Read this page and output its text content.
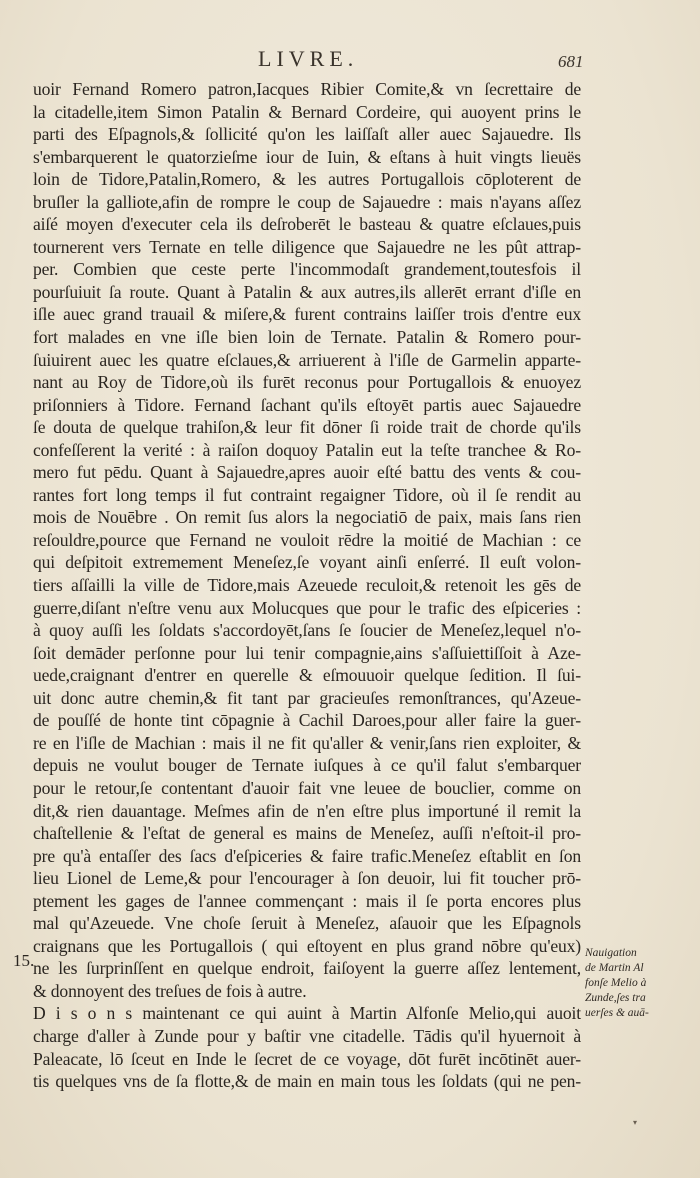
LIVRE.	681
uoir Fernand Romero patron,Iacques Ribier Comite,& vn ſecrettaire de
la citadelle,item Simon Patalin & Bernard Cordeire, qui auoyent prins le
parti des Eſpagnols,& ſollicité qu'on les laiſſaſt aller auec Sajauedre. Ils
s'embarquerent le quatorzieſme iour de Iuin, & eſtans à huit vingts lieuës
loin de Tidore,Patalin,Romero, & les autres Portugallois cōploterent de
bruſler la galliote,afin de rompre le coup de Sajauedre : mais n'ayans aſſez
aiſé moyen d'executer cela ils deſroberēt le basteau & quatre eſclaues,puis
tournerent vers Ternate en telle diligence que Sajauedre ne les pût attrap-
per. Combien que ceste perte l'incommodaſt grandement,toutesfois il
pourſuiuit ſa route. Quant à Patalin & aux autres,ils allerēt errant d'iſle en
iſle auec grand trauail & miſere,& furent contrains laiſſer trois d'entre eux
fort malades en vne iſle bien loin de Ternate. Patalin & Romero pour-
ſuiuirent auec les quatre eſclaues,& arriuerent à l'iſle de Garmelin apparte-
nant au Roy de Tidore,où ils furēt reconus pour Portugallois & enuoyez
priſonniers à Tidore. Fernand ſachant qu'ils eſtoyēt partis auec Sajauedre
ſe douta de quelque trahiſon,& leur fit dōner ſi roide trait de chorde qu'ils
confeſſerent la verité : à raiſon doquoy Patalin eut la teſte tranchee & Ro-
mero fut pēdu. Quant à Sajauedre,apres auoir eſté battu des vents & cou-
rantes fort long temps il fut contraint regaigner Tidore, où il ſe rendit au
mois de Nouēbre . On remit ſus alors la negociatiō de paix, mais ſans rien
reſouldre,pource que Fernand ne vouloit rēdre la moitié de Machian : ce
qui deſpitoit extremement Meneſez,ſe voyant ainſi enſerré. Il euſt volon-
tiers aſſailli la ville de Tidore,mais Azeuede reculoit,& retenoit les gēs de
guerre,diſant n'eſtre venu aux Molucques que pour le trafic des eſpiceries :
à quoy auſſi les ſoldats s'accordoyēt,ſans ſe ſoucier de Meneſez,lequel n'o-
ſoit demāder perſonne pour lui tenir compagnie,ains s'aſſuiettiſſoit à Aze-
uede,craignant d'entrer en querelle & eſmouuoir quelque ſedition. Il ſui-
uit donc autre chemin,& fit tant par gracieuſes remonſtrances, qu'Azeue-
de pouſſé de honte tint cōpagnie à Cachil Daroes,pour aller faire la guer-
re en l'iſle de Machian : mais il ne fit qu'aller & venir,ſans rien exploiter, &
depuis ne voulut bouger de Ternate iuſques à ce qu'il falut s'embarquer
pour le retour,ſe contentant d'auoir fait vne leuee de bouclier, comme on
dit,& rien dauantage. Meſmes afin de n'en eſtre plus importuné il remit la
chaſtellenie & l'eſtat de general es mains de Meneſez, auſſi n'eſtoit-il pro-
pre qu'à entaſſer des ſacs d'eſpiceries & faire trafic.Meneſez eſtablit en ſon
lieu Lionel de Leme,& pour l'encourager à ſon deuoir, lui fit toucher prō-
ptement les gages de l'annee commençant : mais il ſe porta encores plus
mal qu'Azeuede. Vne choſe ſeruit à Meneſez, aſauoir que les Eſpagnols
craignans que les Portugallois ( qui eſtoyent en plus grand nōbre qu'eux)
ne les ſurprinſſent en quelque endroit, faiſoyent la guerre aſſez lentement,
& donnoyent des treſues de fois à autre.
D i s o n s maintenant ce qui auint à Martin Alfonſe Melio,qui auoit
charge d'aller à Zunde pour y baſtir vne citadelle. Tādis qu'il hyuernoit à
Paleacate, lō ſceut en Inde le ſecret de ce voyage, dōt furēt incōtinēt auer-
tis quelques vns de ſa flotte,& de main en main tous les ſoldats (qui ne pen-
15.	Nauigation
de Martin Al
fonſe Melio à
Zunde,ſes tra
uerſes & auā-
▾
